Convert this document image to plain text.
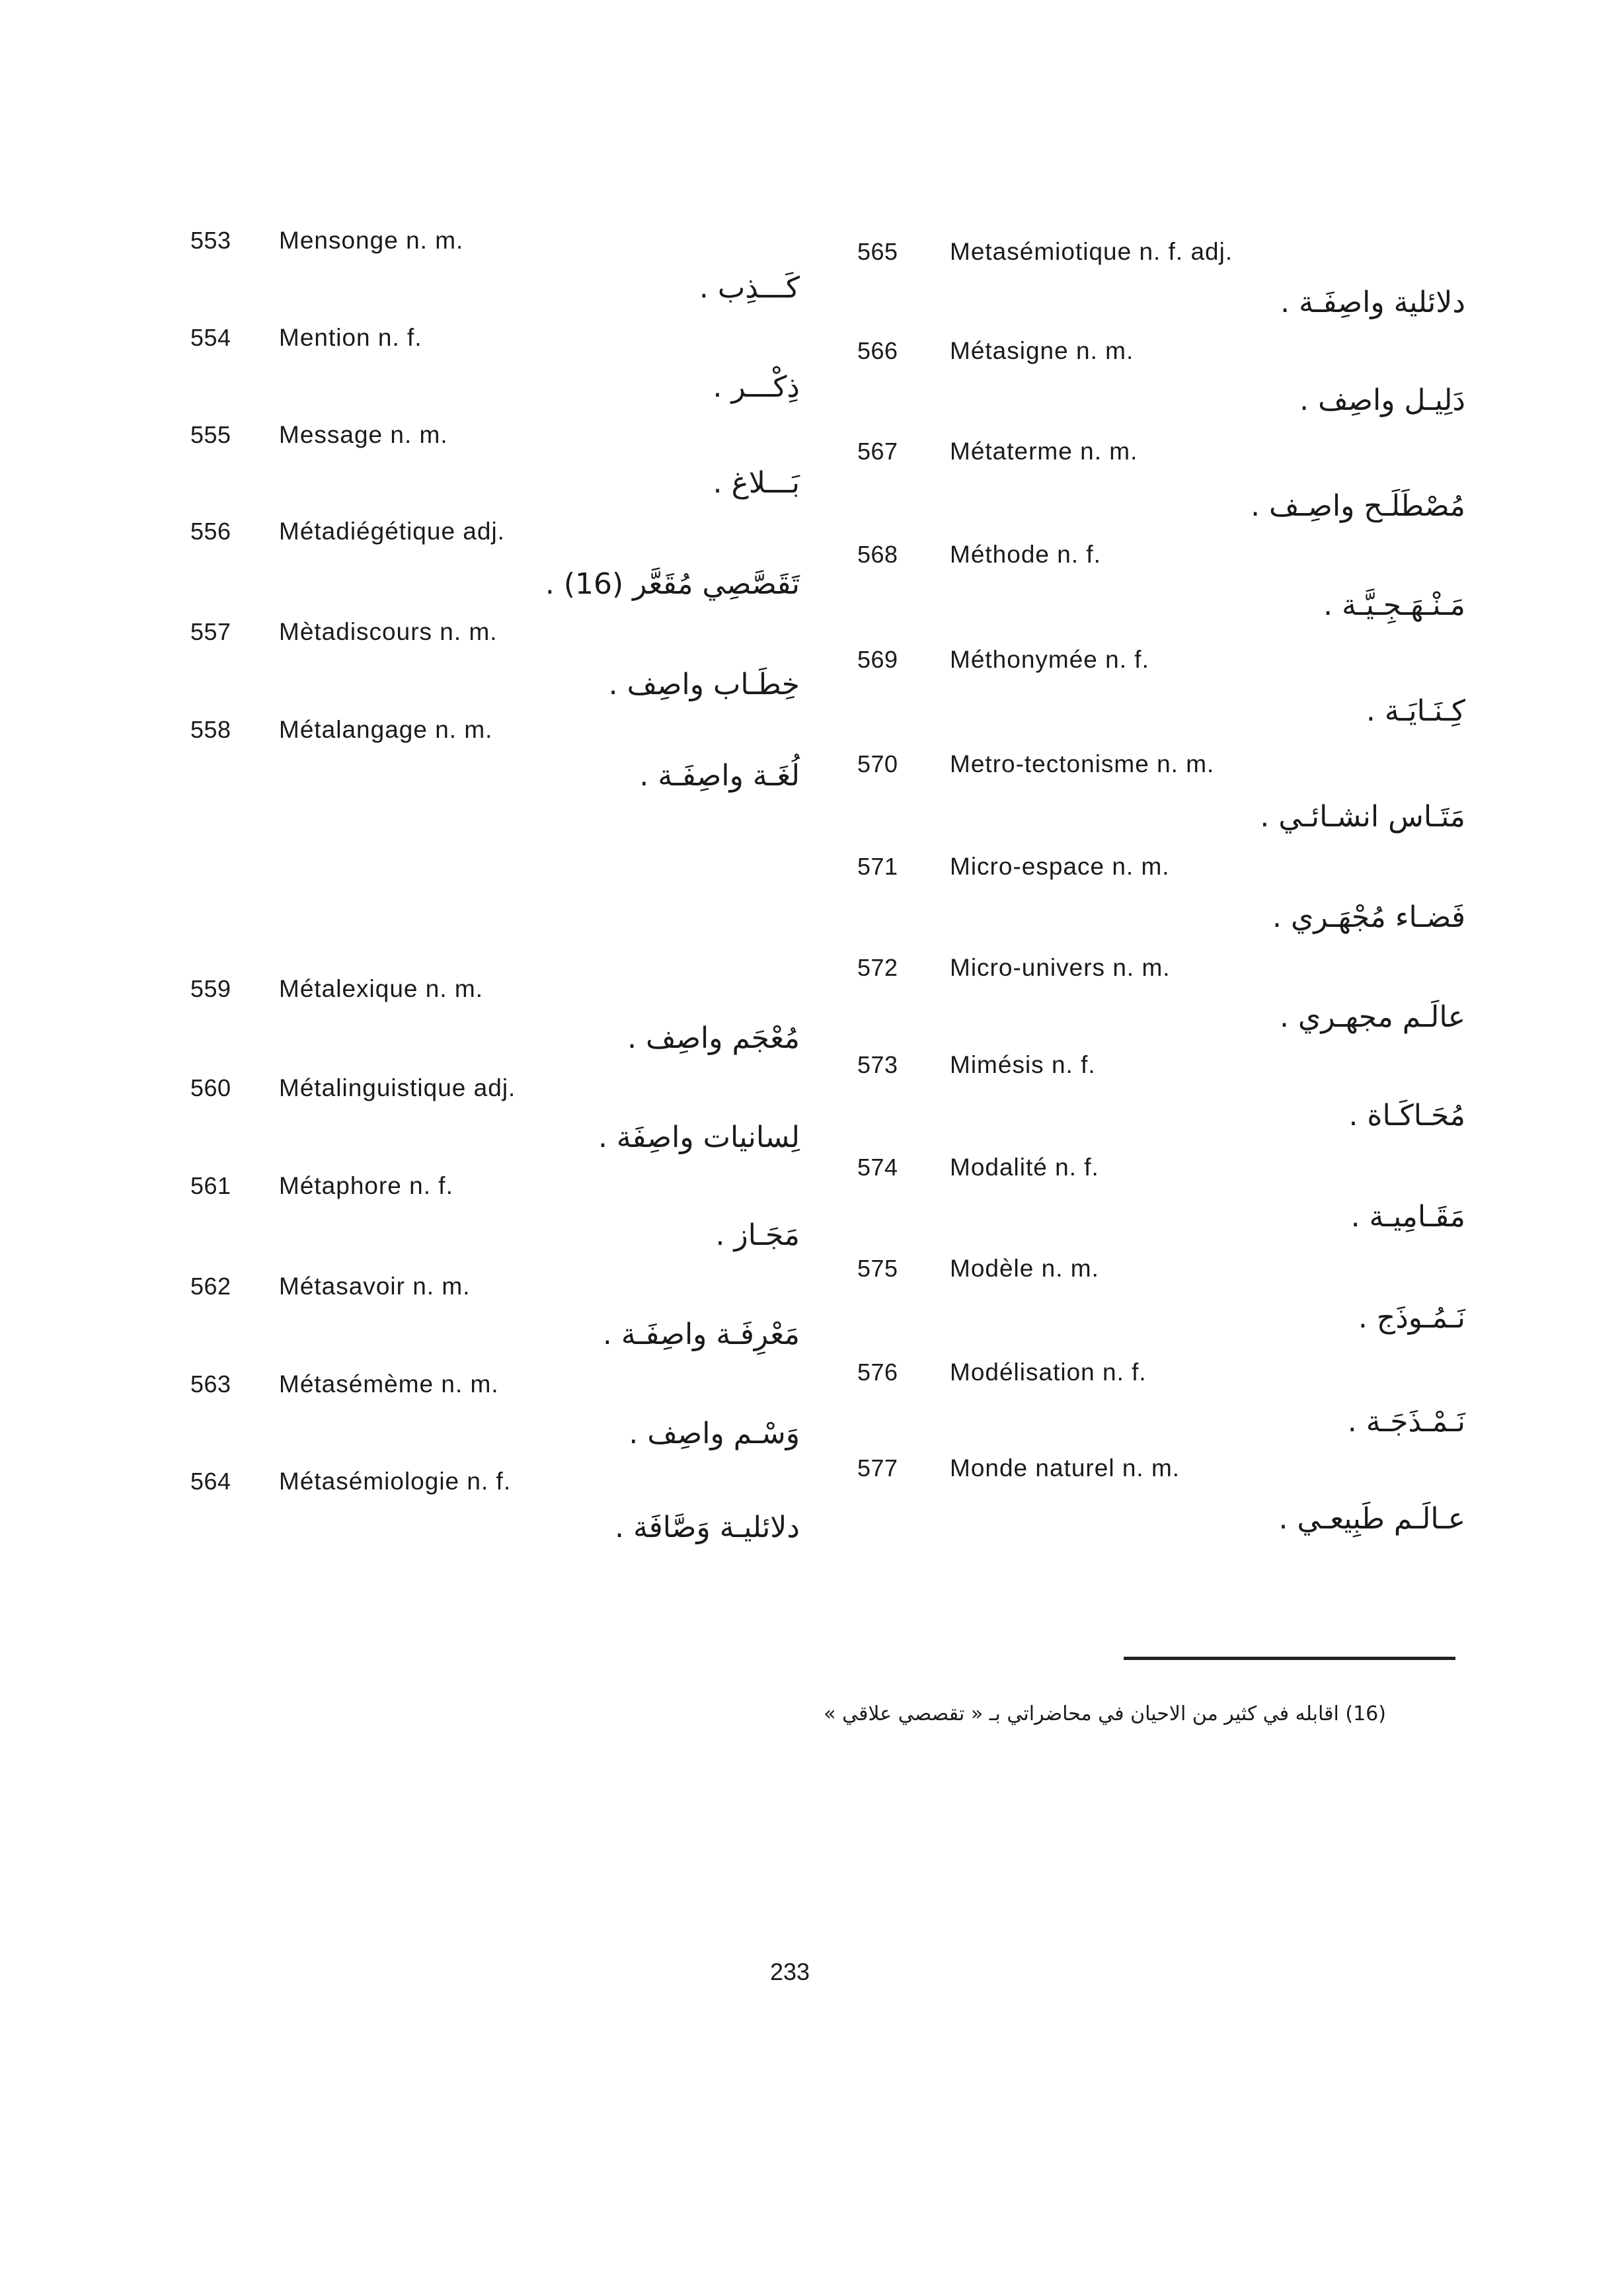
553 Mensonge n. m.
كَـــذِب .
554 Mention n. f.
ذِكْـــر .
555 Message n. m.
بَـــلاغ .
556 Métadiégétique adj.
تَقَصَّصِي مُقَعَّر (16) .
557 Mètadiscours n. m.
خِطَـاب واصِف .
558 Métalangage n. m.
لُغَـة واصِفَـة .
559 Métalexique n. m.
مُعْجَم واصِف .
560 Métalinguistique adj.
لِسانيات واصِفَة .
561 Métaphore n. f.
مَجَـاز .
562 Métasavoir n. m.
مَعْرِفَـة واصِفَـة .
563 Métasémème n. m.
وَسْـم واصِف .
564 Métasémiologie n. f.
دلائليـة وَصَّافَة .
565 Metasémiotique n. f. adj.
دلائلية واصِفَـة .
566 Métasigne n. m.
دَلِيـل واصِف .
567 Métaterme n. m.
مُصْطَلَـح واصِـف .
568 Méthode n. f.
مَـنْـهَـجِـيَّـة .
569 Méthonymée n. f.
كِـنَـايَـة .
570 Metro-tectonisme n. m.
مَتَـاس انشـائـي .
571 Micro-espace n. m.
فَضـاء مُجْهَـري .
572 Micro-univers n. m.
عالَـم مجهـري .
573 Mimésis n. f.
مُحَـاكَـاة .
574 Modalité n. f.
مَقَـامِيـة .
575 Modèle n. m.
نَـمُـوذَج .
576 Modélisation n. f.
نَـمْـذَجَـة .
577 Monde naturel n. m.
عـالَـم طَبِيعـي .
(16) اقابله في كثير من الاحيان في محاضراتي بـ « تقصصي علاقي »
233
